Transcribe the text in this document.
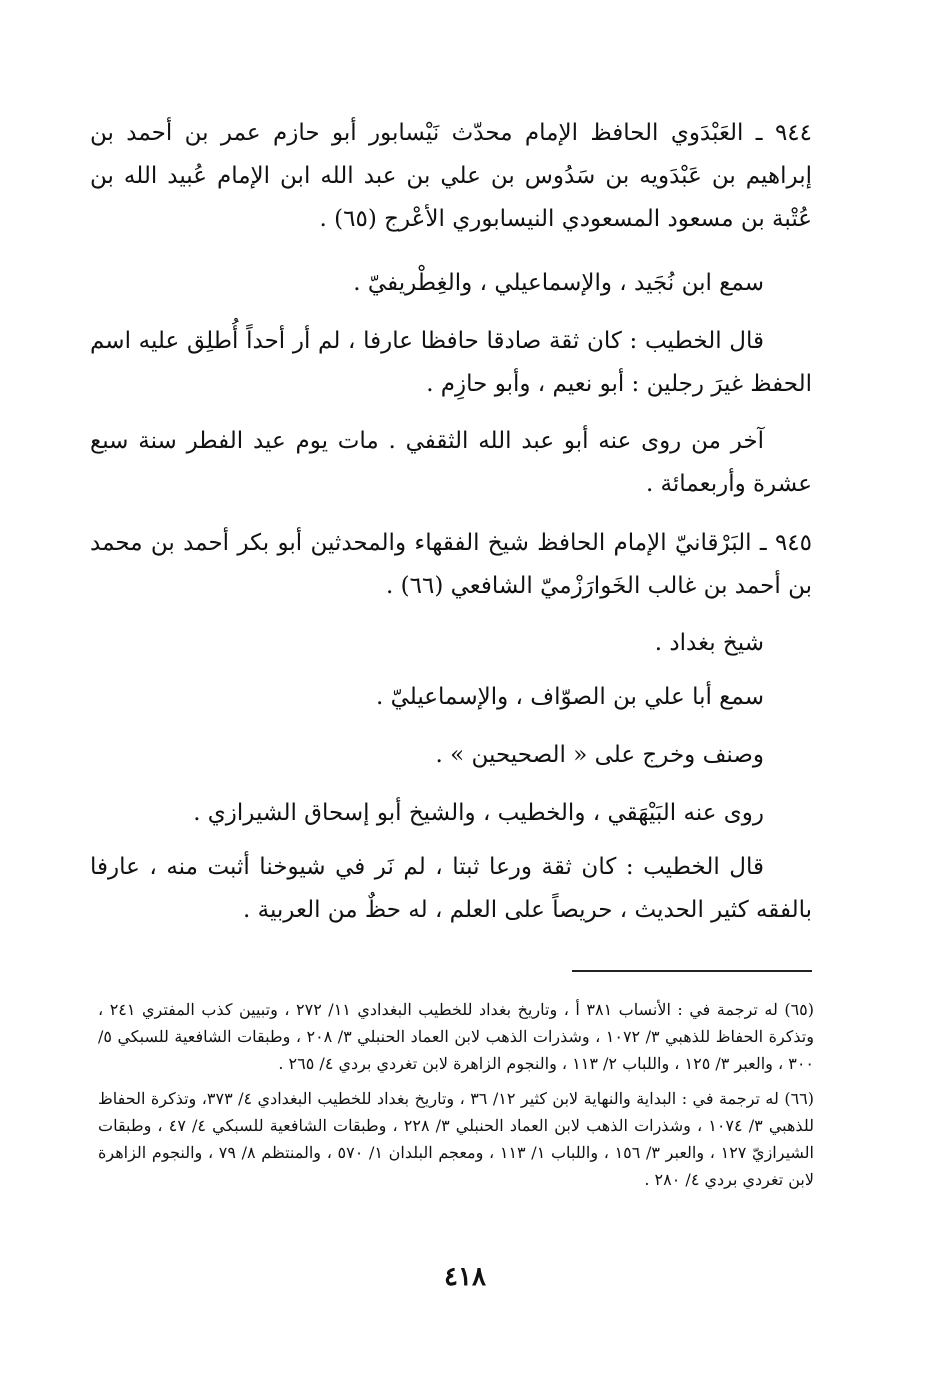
٩٤٤ ـ العَبْدَوي الحافظ الإمام محدّث نَيْسابور أبو حازم عمر بن أحمد بن إبراهيم بن عَبْدَويه بن سَدُوس بن علي بن عبد الله ابن الإمام عُبيد الله بن عُتْبة بن مسعود المسعودي النيسابوري الأعْرج (٦٥) .

سمع ابن نُجَيد ، والإسماعيلي ، والغِطْريفيّ .

قال الخطيب : كان ثقة صادقا حافظا عارفا ، لم أر أحداً أُطلِق عليه اسم الحفظ غيرَ رجلين : أبو نعيم ، وأبو حازِم .

آخر من روى عنه أبو عبد الله الثقفي . مات يوم عيد الفطر سنة سبع عشرة وأربعمائة .

٩٤٥ ـ البَرْقانيّ الإمام الحافظ شيخ الفقهاء والمحدثين أبو بكر أحمد بن محمد بن أحمد بن غالب الخَوارَزْميّ الشافعي (٦٦) .

شيخ بغداد .

سمع أبا علي بن الصوّاف ، والإسماعيليّ .

وصنف وخرج على « الصحيحين » .

روى عنه البَيْهَقي ، والخطيب ، والشيخ أبو إسحاق الشيرازي .

قال الخطيب : كان ثقة ورعا ثبتا ، لم نَر في شيوخنا أثبت منه ، عارفا بالفقه كثير الحديث ، حريصاً على العلم ، له حظٌ من العربية .

(٦٥) له ترجمة في : الأنساب ٣٨١ أ ، وتاريخ بغداد للخطيب البغدادي ١١/ ٢٧٢ ، وتبيين كذب المفتري ٢٤١ ، وتذكرة الحفاظ للذهبي ٣/ ١٠٧٢ ، وشذرات الذهب لابن العماد الحنبلي ٣/ ٢٠٨ ، وطبقات الشافعية للسبكي ٥/ ٣٠٠ ، والعبر ٣/ ١٢٥ ، واللباب ٢/ ١١٣ ، والنجوم الزاهرة لابن تغردي بردي ٤/ ٢٦٥ .

(٦٦) له ترجمة في : البداية والنهاية لابن كثير ١٢/ ٣٦ ، وتاريخ بغداد للخطيب البغدادي ٤/ ٣٧٣، وتذكرة الحفاظ للذهبي ٣/ ١٠٧٤ ، وشذرات الذهب لابن العماد الحنبلي ٣/ ٢٢٨ ، وطبقات الشافعية للسبكي ٤/ ٤٧ ، وطبقات الشيرازيّ ١٢٧ ، والعبر ٣/ ١٥٦ ، واللباب ١/ ١١٣ ، ومعجم البلدان ١/ ٥٧٠ ، والمنتظم ٨/ ٧٩ ، والنجوم الزاهرة لابن تغردي بردي ٤/ ٢٨٠ .

٤١٨
